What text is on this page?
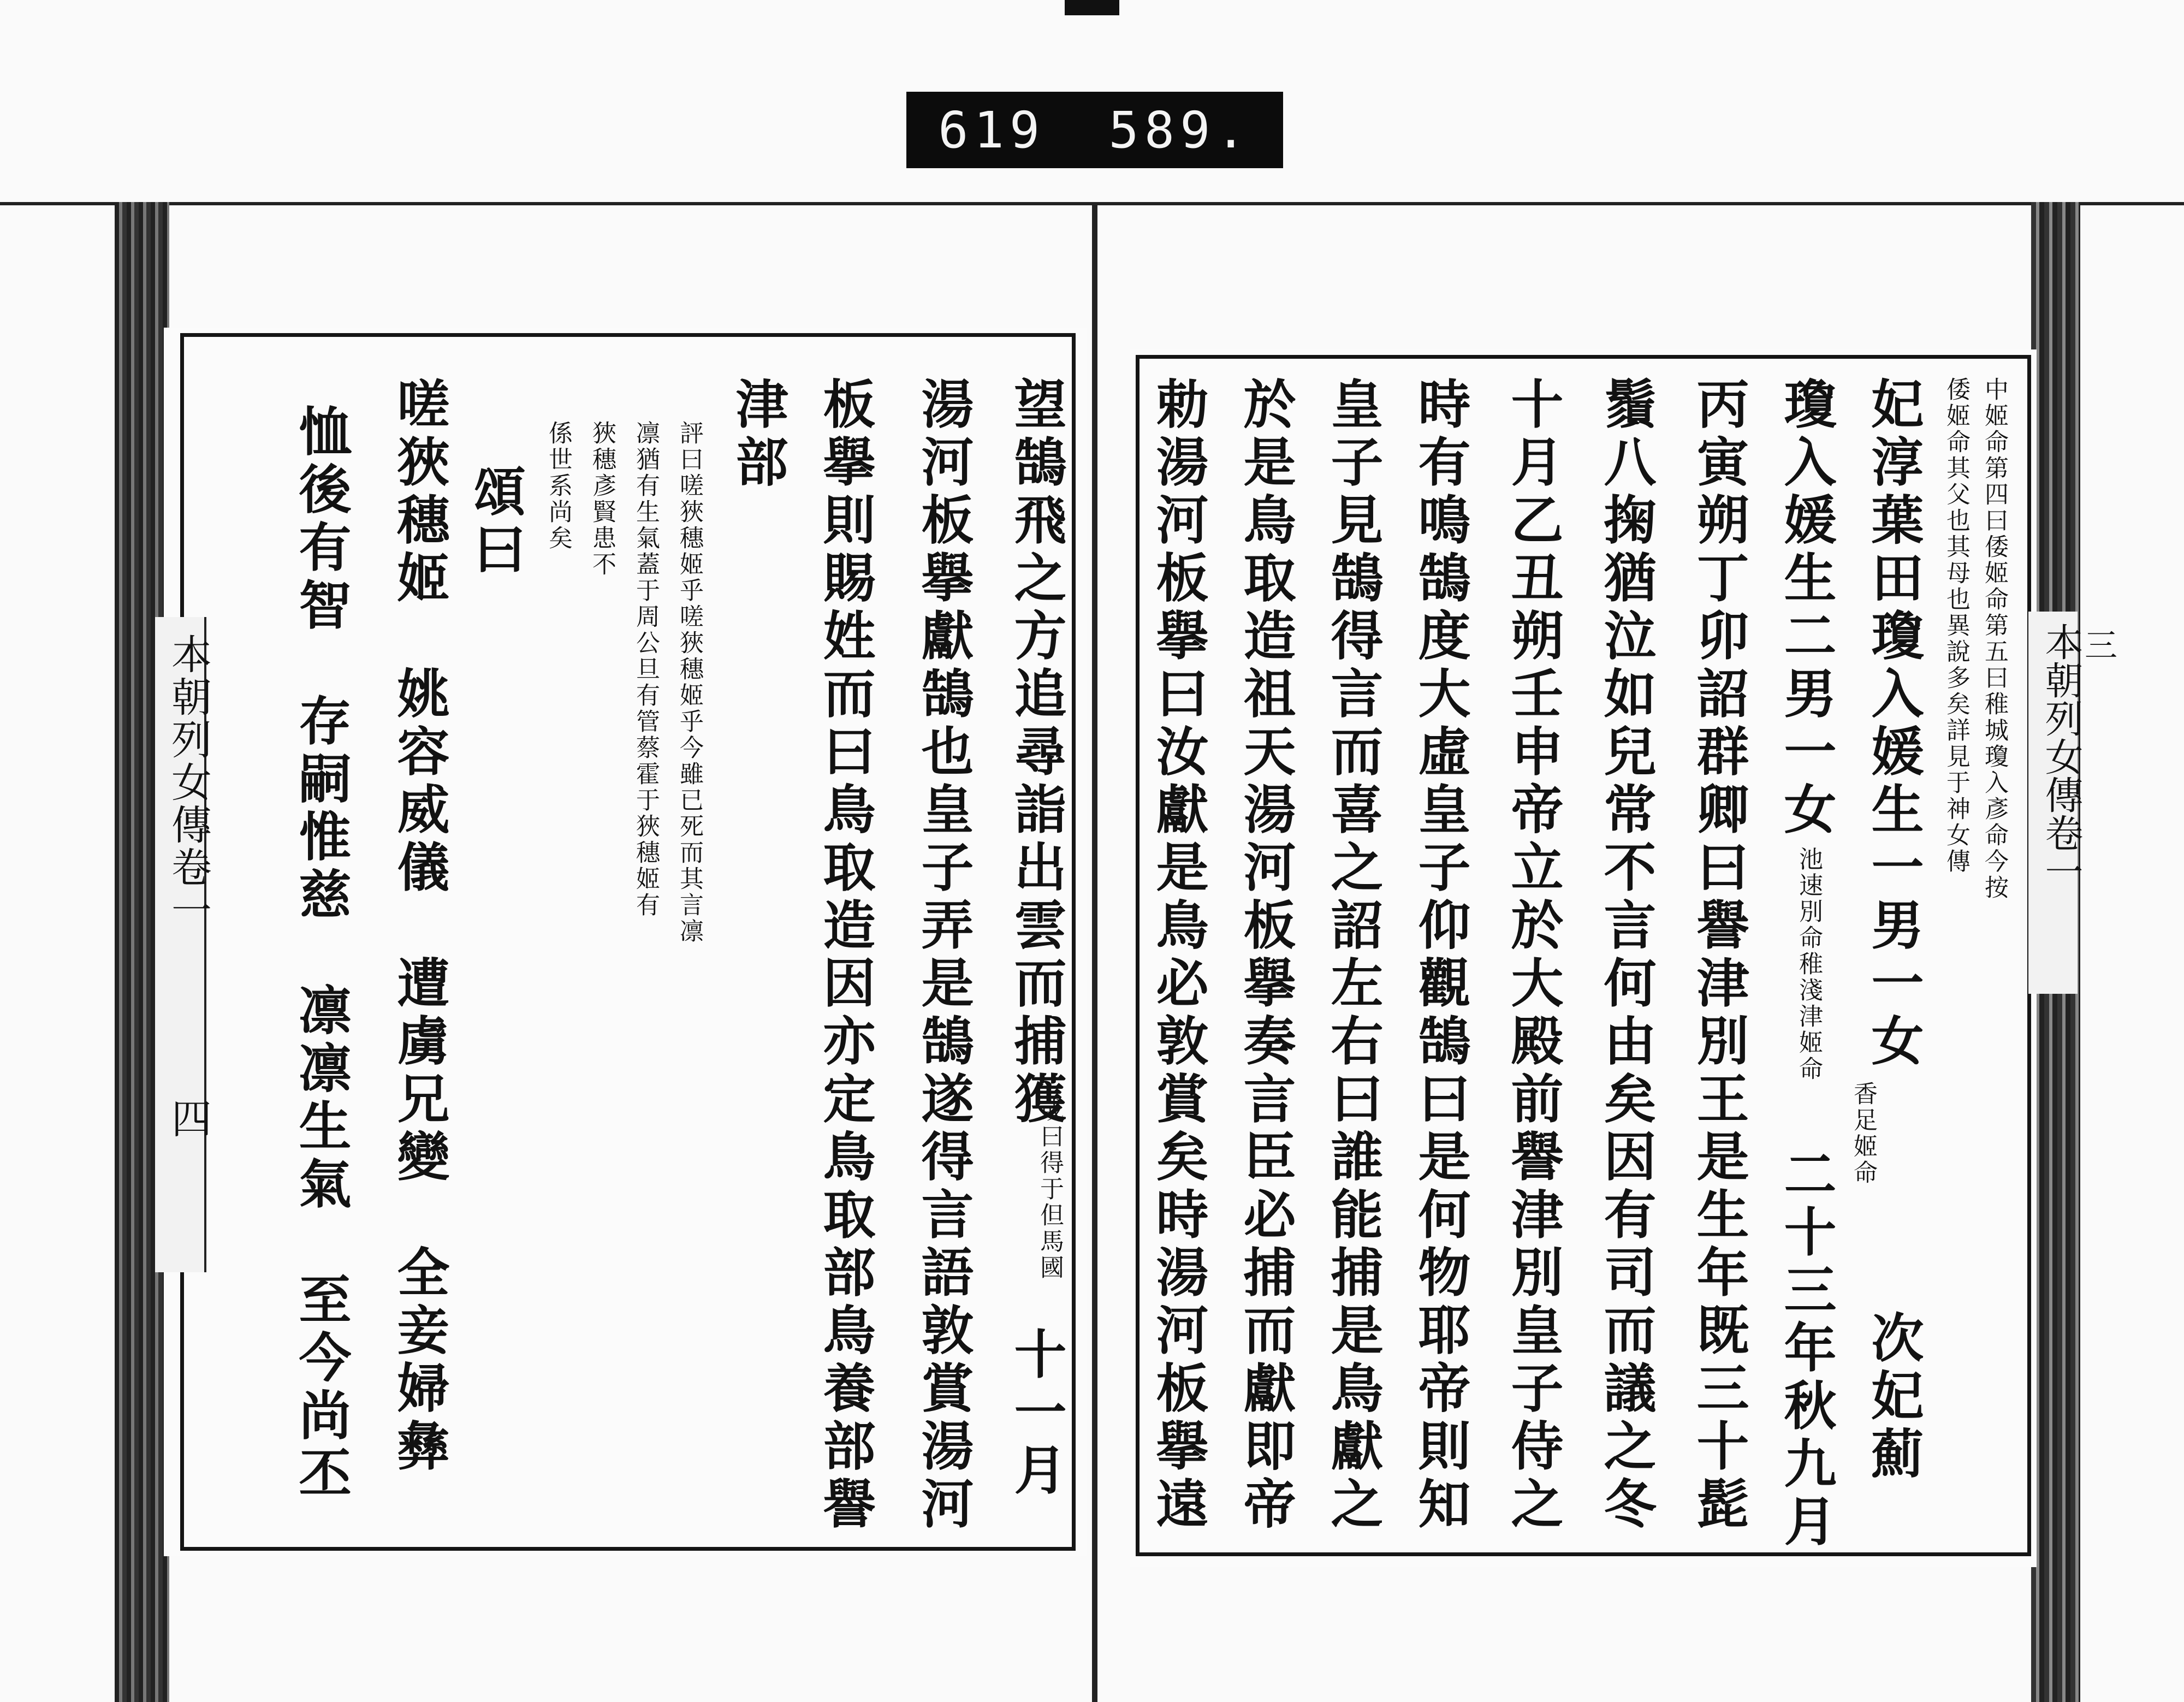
619 589.
本朝列女傳卷一
四	望鵠飛之方追尋詣出雲而捕獲
或曰得于但馬國
十一月
湯河板擧獻鵠也皇子弄是鵠遂得言語敦賞湯河
板擧則賜姓而曰鳥取造因亦定鳥取部鳥養部譽
津部
評曰嗟狹穗姬乎嗟狹穗姬乎今雖已死而其言凛
凛猶有生氣蓋于周公旦有管蔡霍于狹穗姬有
狹穗彥賢患不
係世系尚矣
頌曰
嗟狹穗姬　姚容威儀　遭虜兄變　全妾婦彝
恤後有智　存嗣惟慈　凛凛生氣　至今尚丕	本朝列女傳卷一
三
中姬命第四曰倭姬命第五曰稚城瓊入彥命今按
倭姬命其父也其母也異說多矣詳見于神女傳
妃淳葉田瓊入媛生一男一女
香足姬命
次妃薊
瓊入媛生二男一女
池速別命稚淺津姬命
二十三年秋九月
丙寅朔丁卯詔群卿曰譽津別王是生年既三十髭
鬚八掬猶泣如兒常不言何由矣因有司而議之冬
十月乙丑朔壬申帝立於大殿前譽津別皇子侍之
時有鳴鵠度大虛皇子仰觀鵠曰是何物耶帝則知
皇子見鵠得言而喜之詔左右曰誰能捕是鳥獻之
於是鳥取造祖天湯河板擧奏言臣必捕而獻即帝
勅湯河板擧曰汝獻是鳥必敦賞矣時湯河板擧遠
